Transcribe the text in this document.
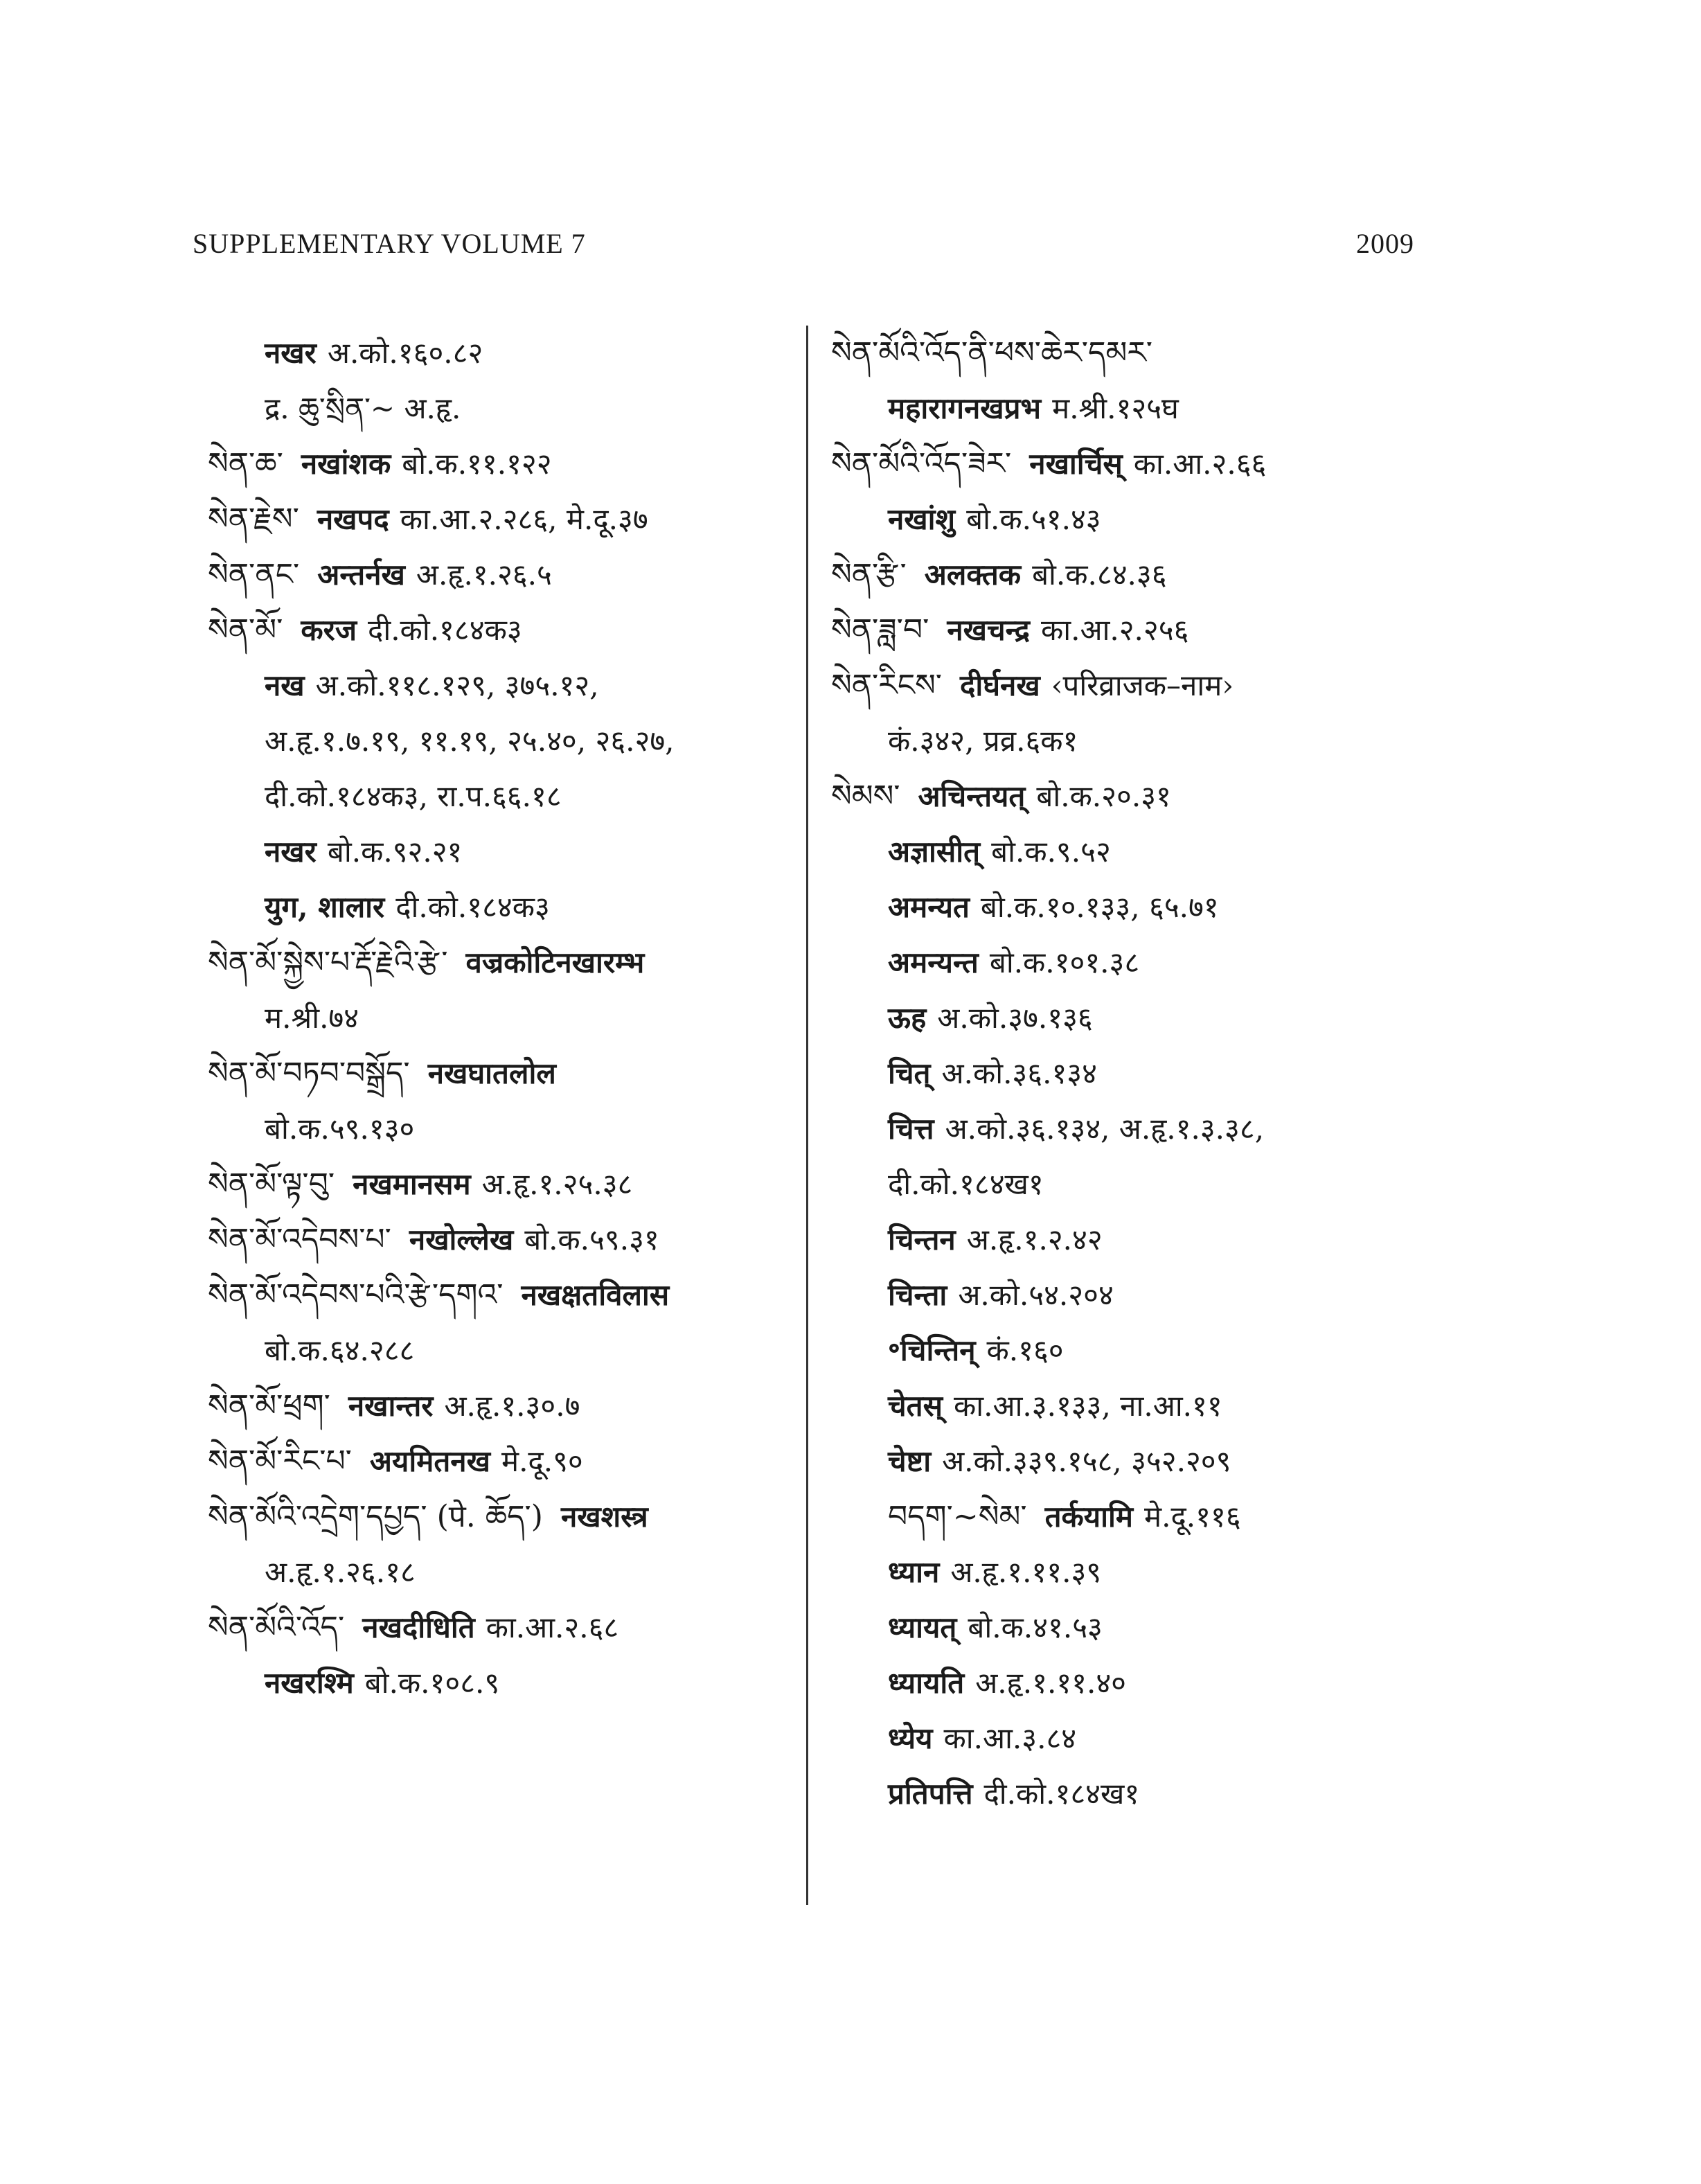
SUPPLEMENTARY VOLUME 7	2009
नखर अ.को.१६०.८२
द्र. ཆུ་སྲིན་~ अ.हृ.
སེན་ཆ་ नखांशक बो.क.११.१२२
སེན་རྗེས་ नखपद का.आ.२.२८६, मे.दू.३७
སེན་ནང་ अन्तर्नख अ.हृ.१.२६.५
སེན་མོ་ करज दी.को.१८४क३
नख अ.को.११८.१२९, ३७५.१२,
अ.हृ.१.७.१९, ११.१९, २५.४०, २६.२७,
दी.को.१८४क३, रा.प.६६.१८
नखर बो.क.९२.२१
युग, शालार दी.को.१८४क३
སེན་མོ་སྐྱེས་པ་རྡོ་རྗེའི་རྩེ་ वज्रकोटिनखारम्भ
म.श्री.७४
སེན་མོ་བཏབ་བསྒྲོད་ नखघातलोल
बो.क.५९.१३०
སེན་མོ་ལྟ་བུ་ नखमानसम अ.हृ.१.२५.३८
སེན་མོ་འདེབས་པ་ नखोल्लेख बो.क.५९.३१
སེན་མོ་འདེབས་པའི་རྩེ་དགའ་ नखक्षतविलास
बो.क.६४.२८८
སེན་མོ་ཕྲག་ नखान्तर अ.हृ.१.३०.७
སེན་མོ་རིང་པ་ अयमितनख मे.दू.९०
སེན་མོའི་འདྲེག་དཔྱད་ (पे. ཆོད་) नखशस्त्र
अ.हृ.१.२६.१८
སེན་མོའི་འོད་ नखदीधिति का.आ.२.६८
नखरश्मि बो.क.१०८.९
སེན་མོའི་འོད་ནི་ཕས་ཆེར་དམར་
महारागनखप्रभ म.श्री.१२५घ
སེན་མོའི་འོད་ཟེར་ नखार्चिस् का.आ.२.६६
नखांशु बो.क.५१.४३
སེན་རྩི་ अलक्तक बो.क.८४.३६
སེན་ཟླ་བ་ नखचन्द्र का.आ.२.२५६
སེན་རིངས་ दीर्घनख ‹परिव्राजक–नाम›
कं.३४२, प्रव्र.६क१
སེམས་ अचिन्तयत् बो.क.२०.३१
अज्ञासीत् बो.क.९.५२
अमन्यत बो.क.१०.१३३, ६५.७१
अमन्यन्त बो.क.१०१.३८
ऊह अ.को.३७.१३६
चित् अ.को.३६.१३४
चित्त अ.को.३६.१३४, अ.हृ.१.३.३८,
दी.को.१८४ख१
चिन्तन अ.हृ.१.२.४२
चिन्ता अ.को.५४.२०४
॰चिन्तिन् कं.१६०
चेतस् का.आ.३.१३३, ना.आ.११
चेष्टा अ.को.३३९.१५८, ३५२.२०९
བདག་~སེམ་ तर्कयामि मे.दू.११६
ध्यान अ.हृ.१.११.३९
ध्यायत् बो.क.४१.५३
ध्यायति अ.हृ.१.११.४०
ध्येय का.आ.३.८४
प्रतिपत्ति दी.को.१८४ख१
